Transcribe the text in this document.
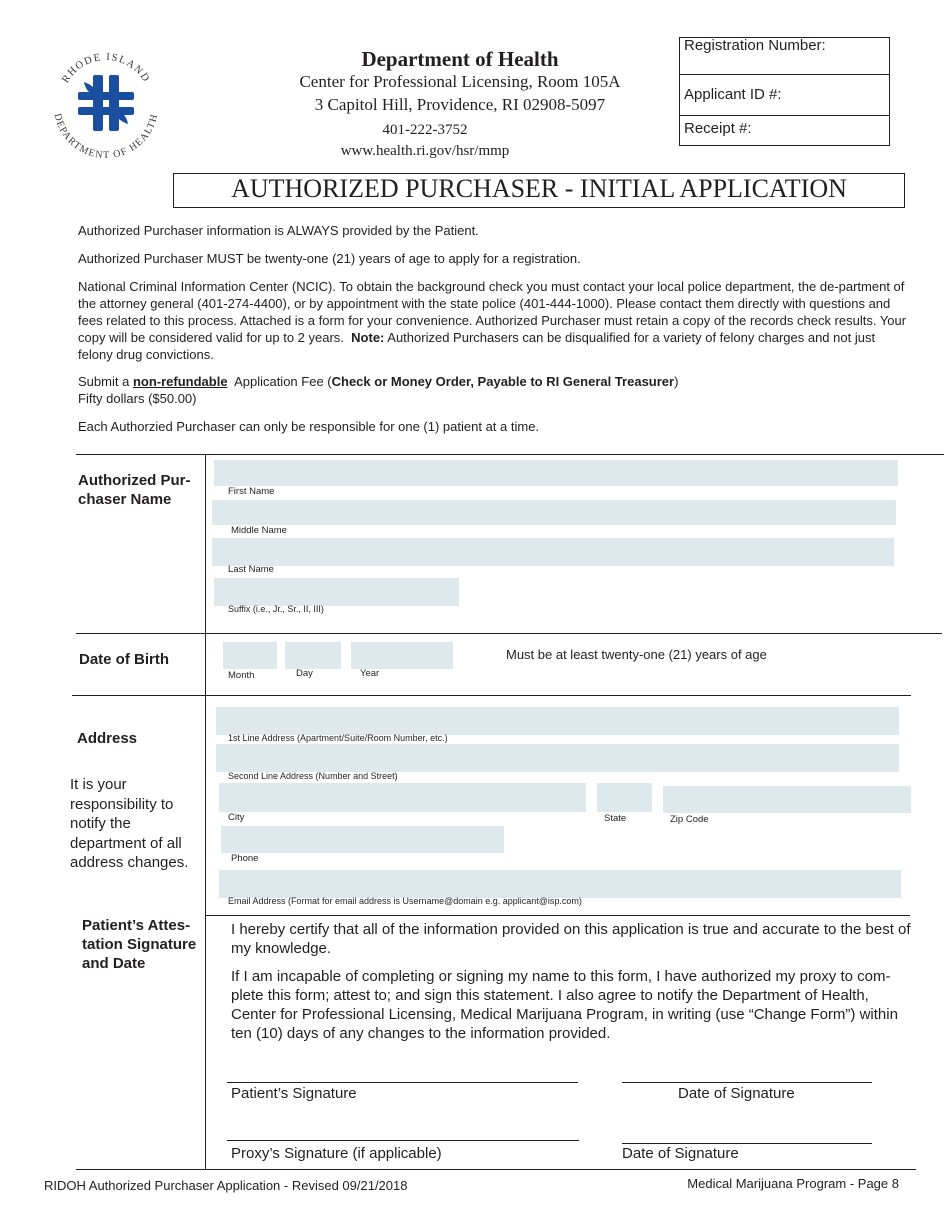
RHODE ISLAND
DEPARTMENT OF HEALTH
Department of Health
Center for Professional Licensing, Room 105A
3 Capitol Hill, Providence, RI 02908-5097
401-222-3752
www.health.ri.gov/hsr/mmp
Registration Number:
Applicant ID #:
Receipt #:
AUTHORIZED PURCHASER - INITIAL APPLICATION
Authorized Purchaser information is ALWAYS provided by the Patient.
Authorized Purchaser MUST be twenty-one (21) years of age to apply for a registration.
National Criminal Information Center (NCIC). To obtain the background check you must contact your local police department, the de-partment of the attorney general (401-274-4400), or by appointment with the state police (401-444-1000). Please contact them directly with questions and fees related to this process. Attached is a form for your convenience. Authorized Purchaser must retain a copy of the records check results. Your copy will be considered valid for up to 2 years. Note: Authorized Purchasers can be disqualified for a variety of felony charges and not just felony drug convictions.
Submit a non-refundable Application Fee (Check or Money Order, Payable to RI General Treasurer)
Fifty dollars ($50.00)
Each Authorzied Purchaser can only be responsible for one (1) patient at a time.
Authorized Pur-
chaser Name	First Name
Middle Name
Last Name
Suffix (i.e., Jr., Sr., II, III)
Date of Birth
Month	Day	Year
Must be at least twenty-one (21) years of age
Address
It is your
responsibility to
notify the
department of all
address changes.
1st Line Address (Apartment/Suite/Room Number, etc.)
Second Line Address (Number and Street)
City	State	Zip Code
Phone
Email Address (Format for email address is Username@domain e.g. applicant@isp.com)
Patient’s Attes-
tation Signature
and Date
I hereby certify that all of the information provided on this application is true and accurate to the best of my knowledge.
If I am incapable of completing or signing my name to this form, I have authorized my proxy to com-plete this form; attest to; and sign this statement. I also agree to notify the Department of Health, Center for Professional Licensing, Medical Marijuana Program, in writing (use “Change Form”) within ten (10) days of any changes to the information provided.
Patient’s Signature	Date of Signature
Proxy’s Signature (if applicable)	Date of Signature
RIDOH Authorized Purchaser Application - Revised 09/21/2018	Medical Marijuana Program - Page 8
